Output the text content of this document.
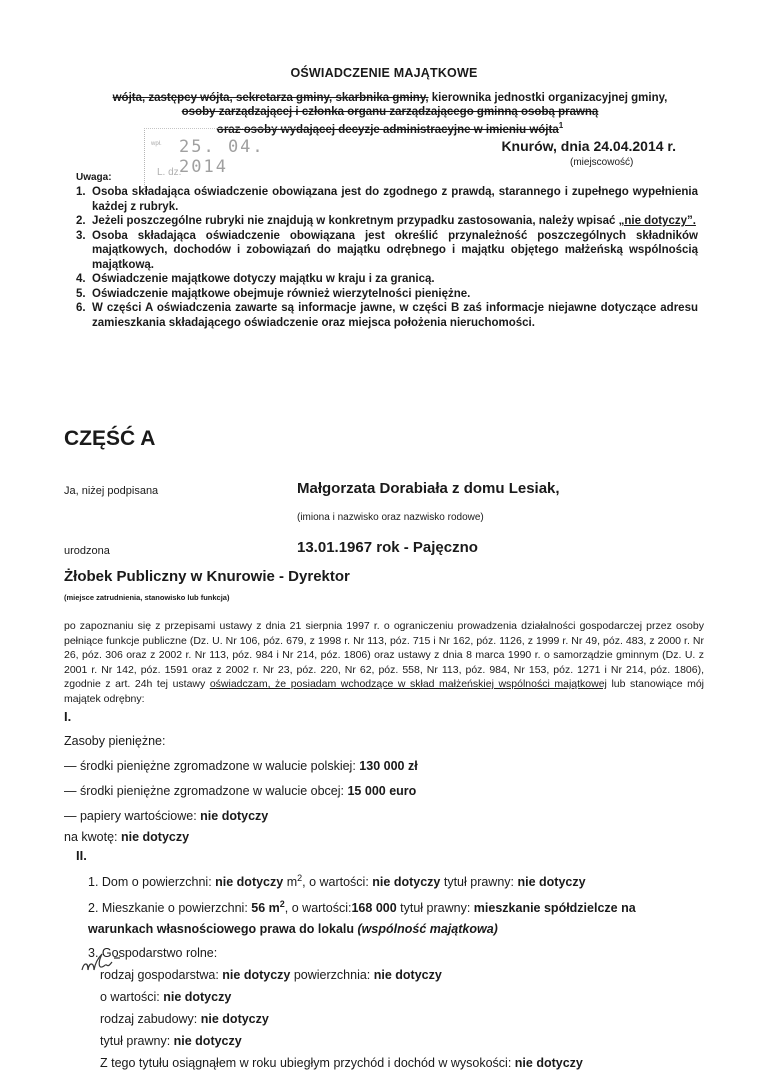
OŚWIADCZENIE MAJĄTKOWE
wójta, zastępcy wójta, sekretarza gminy, skarbnika gminy, kierownika jednostki organizacyjnej gminy,
osoby zarządzającej i członka organu zarządzającego gminną osobą prawną
oraz osoby wydającej decyzje administracyjne w imieniu wójta$^1$
wpł. 25. 04. 2014
L. dz.
Knurów, dnia 24.04.2014 r.
(miejscowość)
Uwaga:
1. Osoba składająca oświadczenie obowiązana jest do zgodnego z prawdą, starannego i zupełnego wypełnienia każdej z rubryk.
2. Jeżeli poszczególne rubryki nie znajdują w konkretnym przypadku zastosowania, należy wpisać „nie dotyczy”.
3. Osoba składająca oświadczenie obowiązana jest określić przynależność poszczególnych składników majątkowych, dochodów i zobowiązań do majątku odrębnego i majątku objętego małżeńską wspólnością majątkową.
4. Oświadczenie majątkowe dotyczy majątku w kraju i za granicą.
5. Oświadczenie majątkowe obejmuje również wierzytelności pieniężne.
6. W części A oświadczenia zawarte są informacje jawne, w części B zaś informacje niejawne dotyczące adresu zamieszkania składającego oświadczenie oraz miejsca położenia nieruchomości.
CZĘŚĆ A
Ja, niżej podpisana	Małgorzata Dorabiała z domu Lesiak,
(imiona i nazwisko oraz nazwisko rodowe)
urodzona	13.01.1967 rok - Pajęczno
Żłobek Publiczny w Knurowie - Dyrektor
(miejsce zatrudnienia, stanowisko lub funkcja)
po zapoznaniu się z przepisami ustawy z dnia 21 sierpnia 1997 r. o ograniczeniu prowadzenia działalności gospodarczej przez osoby pełniące funkcje publiczne (Dz. U. Nr 106, póz. 679, z 1998 r. Nr 113, póz. 715 i Nr 162, póz. 1126, z 1999 r. Nr 49, póz. 483, z 2000 r. Nr 26, póz. 306 oraz z 2002 r. Nr 113, póz. 984 i Nr 214, póz. 1806) oraz ustawy z dnia 8 marca 1990 r. o samorządzie gminnym (Dz. U. z 2001 r. Nr 142, póz. 1591 oraz z 2002 r. Nr 23, póz. 220, Nr 62, póz. 558, Nr 113, póz. 984, Nr 153, póz. 1271 i Nr 214, póz. 1806), zgodnie z art. 24h tej ustawy oświadczam, że posiadam wchodzące w skład małżeńskiej wspólności majątkowej lub stanowiące mój majątek odrębny:
I.
Zasoby pieniężne:
— środki pieniężne zgromadzone w walucie polskiej: 130 000 zł
— środki pieniężne zgromadzone w walucie obcej: 15 000 euro
— papiery wartościowe: nie dotyczy
na kwotę: nie dotyczy
II.
1. Dom o powierzchni: nie dotyczy $m^2$, o wartości: nie dotyczy tytuł prawny: nie dotyczy
2. Mieszkanie o powierzchni: 56 $m^2$, o wartości:168 000 tytuł prawny: mieszkanie spółdzielcze na
warunkach własnościowego prawa do lokalu (wspólność majątkowa)
3. Gospodarstwo rolne:
rodzaj gospodarstwa: nie dotyczy powierzchnia: nie dotyczy
o wartości: nie dotyczy
rodzaj zabudowy: nie dotyczy
tytuł prawny: nie dotyczy
Z tego tytułu osiągnąłem w roku ubiegłym przychód i dochód w wysokości: nie dotyczy
